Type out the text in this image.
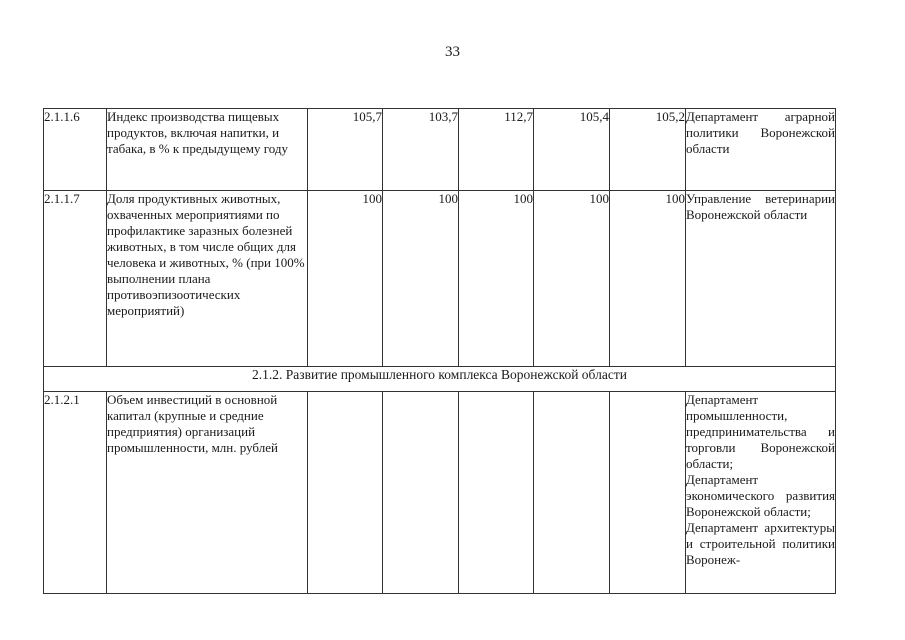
33
2.1.1.6	Индекс производства пищевых продуктов, включая напитки, и табака, в % к предыдущему году	105,7	103,7	112,7	105,4	105,2	Департамент аграрной политики Воронежской области
2.1.1.7	Доля продуктивных животных, охваченных мероприятиями по профилактике заразных болезней животных, в том числе общих для человека и животных, % (при 100% выполнении плана противоэпизоотических мероприятий)	100	100	100	100	100	Управление ветеринарии Воронежской области
2.1.2. Развитие промышленного комплекса Воронежской области							
2.1.2.1	Объем инвестиций в основной капитал (крупные и средние предприятия) организаций промышленности, млн. рублей						Департамент промышленности, предпринимательства и торговли Воронежской области;
Департамент экономического развития Воронежской области;
Департамент архитектуры и строительной политики Воронеж-
